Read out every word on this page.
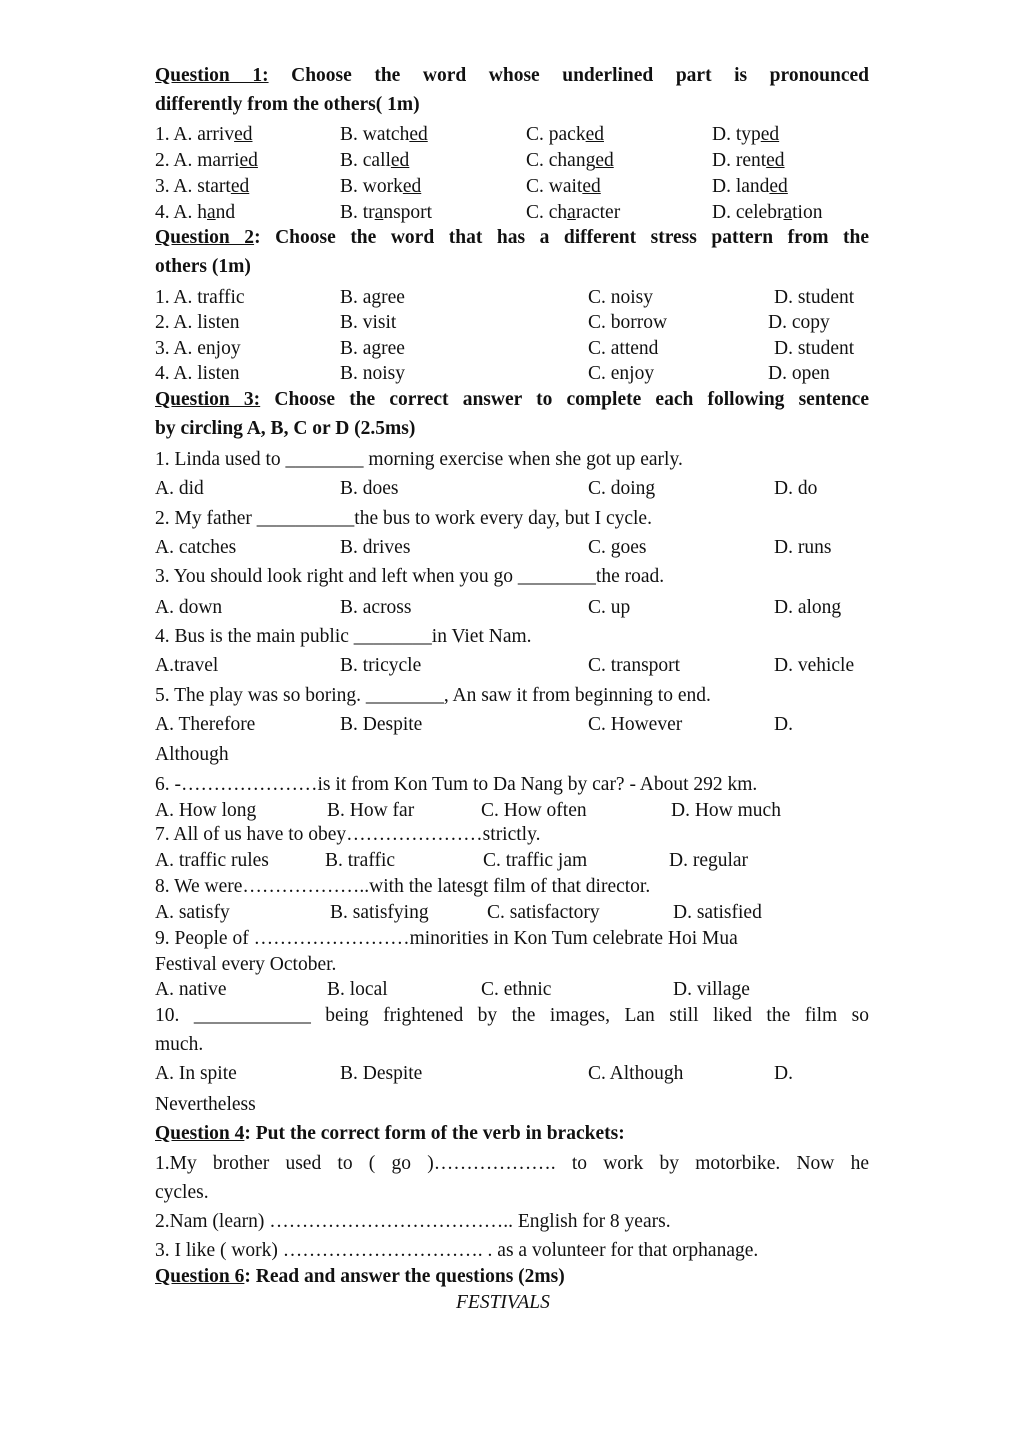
Question 1: Choose the word whose underlined part is pronounced
differently from the others( 1m)
1. A. arrived	B. watched	C. packed	D. typed
2. A. married	B. called	C. changed	D. rented
3. A. started	B. worked	C. waited	D. landed
4. A. hand	B. transport	C. character	D. celebration
Question 2: Choose the word that has a different stress pattern from the
others (1m)
1. A. traffic	B. agree	C. noisy	D. student
2. A. listen	B. visit	C. borrow	D. copy
3. A. enjoy	B. agree	C. attend	D. student
4. A. listen	B. noisy	C. enjoy	D. open
Question 3: Choose the correct answer to complete each following sentence
by circling A, B, C or D (2.5ms)
1. Linda used to ________ morning exercise when she got up early.
A. did	B. does	C. doing	D. do
2. My father __________the bus to work every day, but I cycle.
A. catches	B. drives	C. goes	D. runs
3. You should look right and left when you go ________the road.
A. down	B. across	C. up	D. along
4. Bus is the main public ________in Viet Nam.
A.travel	B. tricycle	C. transport	D. vehicle
5. The play was so boring. ________, An saw it from beginning to end.
A. Therefore	B. Despite	C. However	D.
Although
6. -…………………is it from Kon Tum to Da Nang by car? - About 292 km.
A. How long	B. How far	C. How often	D. How much
7. All of us have to obey…………………strictly.
A. traffic rules	B. traffic	C. traffic jam	D. regular
8. We were………………..with the latesgt film of that director.
A. satisfy	B. satisfying	C. satisfactory	D. satisfied
9. People of ……………………minorities in Kon Tum celebrate Hoi Mua
Festival every October.
A. native	B. local	C. ethnic	D. village
10. ____________ being frightened by the images, Lan still liked the film so
much.
A. In spite	B. Despite	C. Although	D.
Nevertheless
Question 4: Put the correct form of the verb in brackets:
1.My brother used to ( go )………………. to work by motorbike. Now he
cycles.
2.Nam (learn) ……………………………….. English for 8 years.
3. I like ( work) …………………………. . as a volunteer for that orphanage.
Question 6: Read and answer the questions (2ms)
FESTIVALS
